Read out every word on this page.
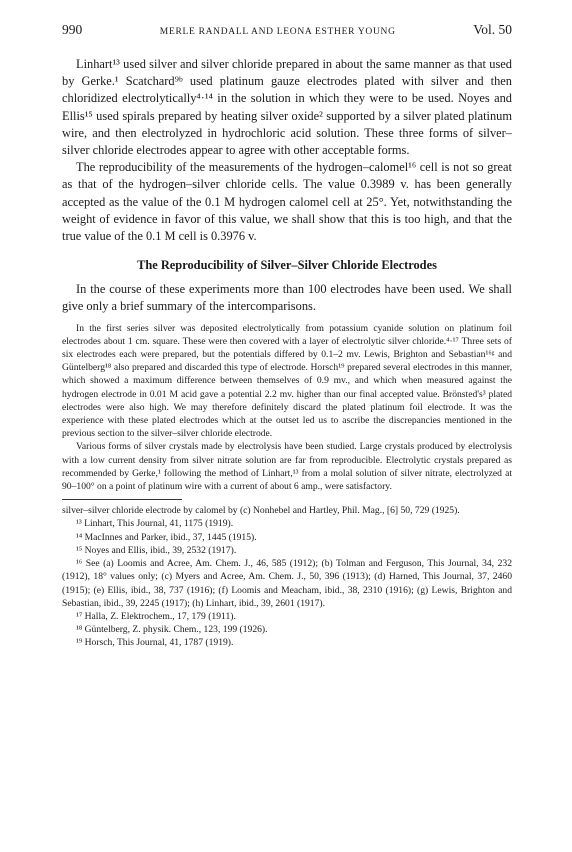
990	MERLE RANDALL AND LEONA ESTHER YOUNG	Vol. 50

Linhart¹³ used silver and silver chloride prepared in about the same manner as that used by Gerke.¹ Scatchard⁹ᵇ used platinum gauze electrodes plated with silver and then chloridized electrolytically⁴·¹⁴ in the solution in which they were to be used. Noyes and Ellis¹⁵ used spirals prepared by heating silver oxide² supported by a silver plated platinum wire, and then electrolyzed in hydrochloric acid solution. These three forms of silver–silver chloride electrodes appear to agree with other acceptable forms.

The reproducibility of the measurements of the hydrogen–calomel¹⁶ cell is not so great as that of the hydrogen–silver chloride cells. The value 0.3989 v. has been generally accepted as the value of the 0.1 M hydrogen calomel cell at 25°. Yet, notwithstanding the weight of evidence in favor of this value, we shall show that this is too high, and that the true value of the 0.1 M cell is 0.3976 v.

The Reproducibility of Silver–Silver Chloride Electrodes

In the course of these experiments more than 100 electrodes have been used. We shall give only a brief summary of the intercomparisons.

In the first series silver was deposited electrolytically from potassium cyanide solution on platinum foil electrodes about 1 cm. square. These were then covered with a layer of electrolytic silver chloride.⁴·¹⁷ Three sets of six electrodes each were prepared, but the potentials differed by 0.1–2 mv. Lewis, Brighton and Sebastian¹⁶ᵍ and Güntelberg¹⁸ also prepared and discarded this type of electrode. Horsch¹⁹ prepared several electrodes in this manner, which showed a maximum difference between themselves of 0.9 mv., and which when measured against the hydrogen electrode in 0.01 M acid gave a potential 2.2 mv. higher than our final accepted value. Brönsted's³ plated electrodes were also high. We may therefore definitely discard the plated platinum foil electrode. It was the experience with these plated electrodes which at the outset led us to ascribe the discrepancies mentioned in the previous section to the silver–silver chloride electrode.

Various forms of silver crystals made by electrolysis have been studied. Large crystals produced by electrolysis with a low current density from silver nitrate solution are far from reproducible. Electrolytic crystals prepared as recommended by Gerke,¹ following the method of Linhart,¹³ from a molal solution of silver nitrate, electrolyzed at 90–100° on a point of platinum wire with a current of about 6 amp., were satisfactory.

silver–silver chloride electrode by calomel by (c) Nonhebel and Hartley, Phil. Mag., [6] 50, 729 (1925).

¹³ Linhart, This Journal, 41, 1175 (1919).

¹⁴ MacInnes and Parker, ibid., 37, 1445 (1915).

¹⁵ Noyes and Ellis, ibid., 39, 2532 (1917).

¹⁶ See (a) Loomis and Acree, Am. Chem. J., 46, 585 (1912); (b) Tolman and Ferguson, This Journal, 34, 232 (1912), 18° values only; (c) Myers and Acree, Am. Chem. J., 50, 396 (1913); (d) Harned, This Journal, 37, 2460 (1915); (e) Ellis, ibid., 38, 737 (1916); (f) Loomis and Meacham, ibid., 38, 2310 (1916); (g) Lewis, Brighton and Sebastian, ibid., 39, 2245 (1917); (h) Linhart, ibid., 39, 2601 (1917).

¹⁷ Halla, Z. Elektrochem., 17, 179 (1911).

¹⁸ Güntelberg, Z. physik. Chem., 123, 199 (1926).

¹⁹ Horsch, This Journal, 41, 1787 (1919).
